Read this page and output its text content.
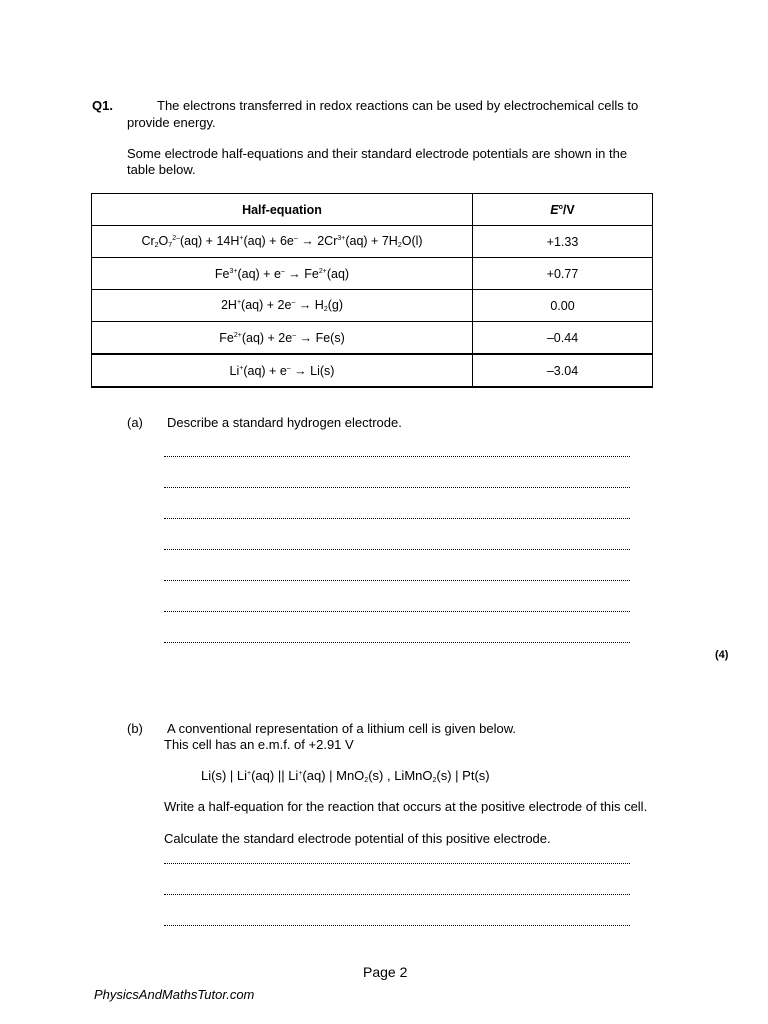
Q1.	The electrons transferred in redox reactions can be used by electrochemical cells to
provide energy.
Some electrode half-equations and their standard electrode potentials are shown in the
table below.
Half-equation	$E^o/V$
$Cr_2O_7^{2-}(aq) + 14H^+(aq) + 6e^- \to 2Cr^{3+}(aq) + 7H_2O(l)$	+1.33
$Fe^{3+}(aq) + e^- \to Fe^{2+}(aq)$	+0.77
$2H^+(aq) + 2e^- \to H_2(g)$	0.00
$Fe^{2+}(aq) + 2e^- \to Fe(s)$	–0.44
Li+(aq) + e– → Li(s)	–3.04
(a) Describe a standard hydrogen electrode.
(4)
(b) A conventional representation of a lithium cell is given below.
This cell has an e.m.f. of +2.91 V
Li(s) | Li+(aq) || Li+(aq) | MnO$_2$(s) , LiMnO$_2$(s) | Pt(s)
Write a half-equation for the reaction that occurs at the positive electrode of this cell.
Calculate the standard electrode potential of this positive electrode.
Page 2
PhysicsAndMathsTutor.com
